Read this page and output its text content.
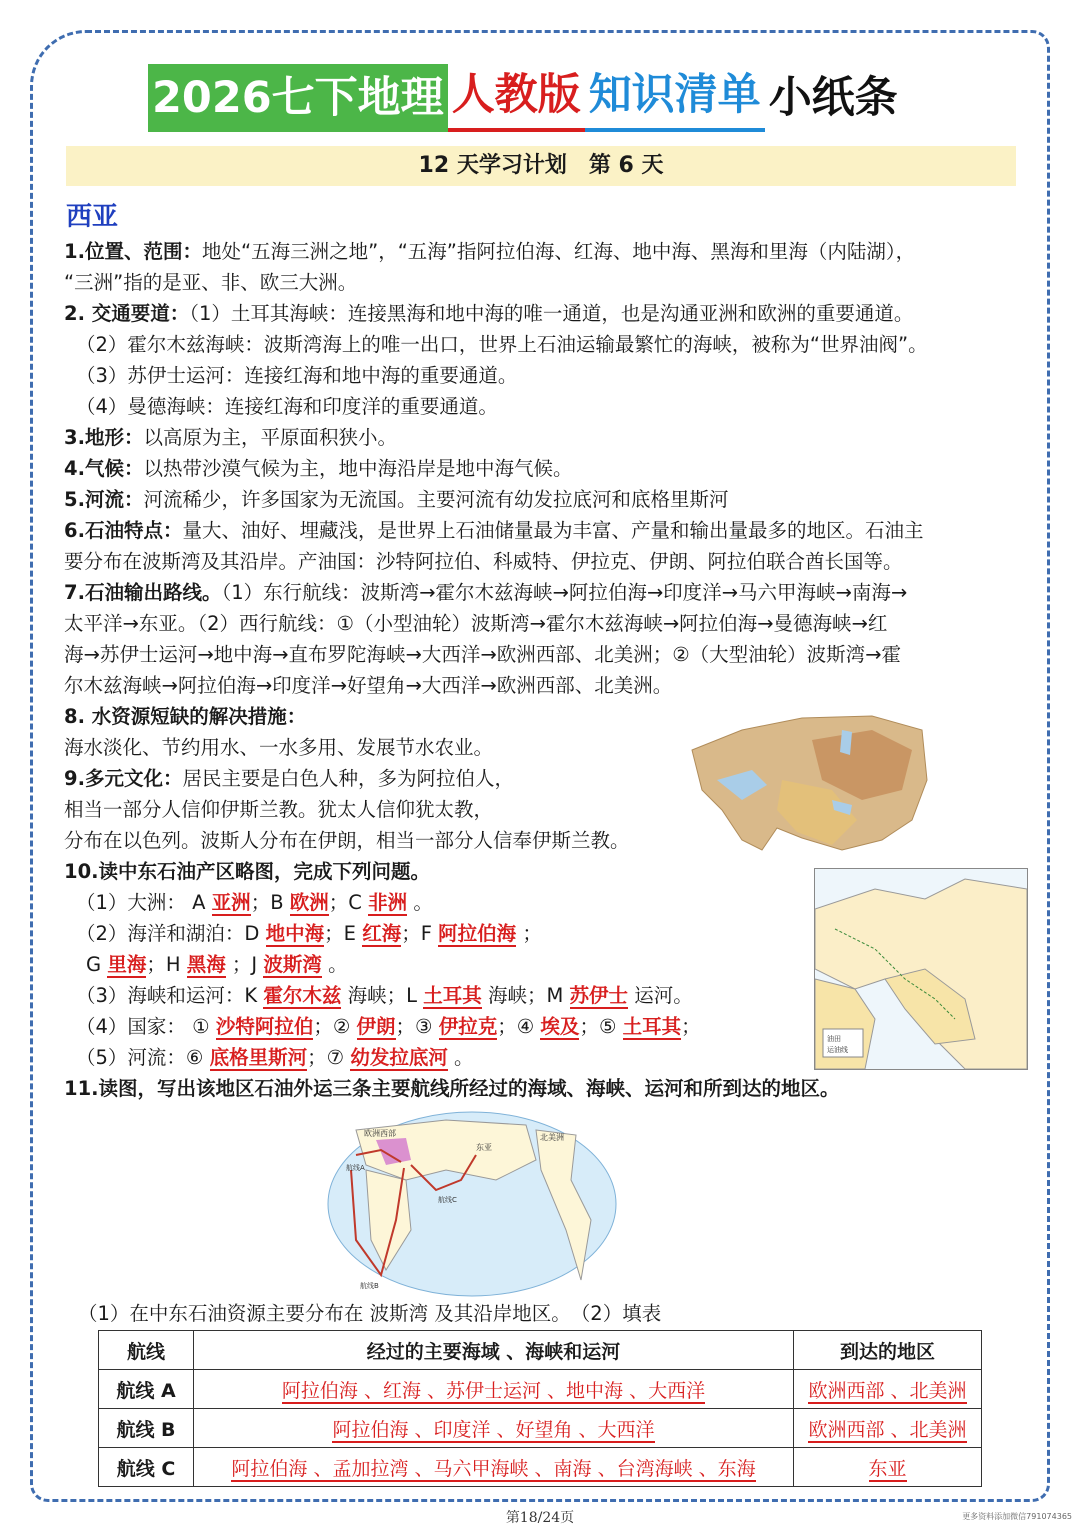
2026七下地理 人教版 知识清单 小纸条
12 天学习计划　第 6 天
西亚

1.位置、范围：地处“五海三洲之地”，“五海”指阿拉伯海、红海、地中海、黑海和里海（内陆湖），

“三洲”指的是亚、非、欧三大洲。

2. 交通要道：（1）土耳其海峡：连接黑海和地中海的唯一通道，也是沟通亚洲和欧洲的重要通道。

（2）霍尔木兹海峡：波斯湾海上的唯一出口，世界上石油运输最繁忙的海峡，被称为“世界油阀”。

（3）苏伊士运河：连接红海和地中海的重要通道。

（4）曼德海峡：连接红海和印度洋的重要通道。

3.地形：以高原为主，平原面积狭小。

4.气候：以热带沙漠气候为主，地中海沿岸是地中海气候。

5.河流：河流稀少，许多国家为无流国。主要河流有幼发拉底河和底格里斯河

6.石油特点：量大、油好、埋藏浅，是世界上石油储量最为丰富、产量和输出量最多的地区。石油主

要分布在波斯湾及其沿岸。产油国：沙特阿拉伯、科威特、伊拉克、伊朗、阿拉伯联合酋长国等。

7.石油输出路线。（1）东行航线：波斯湾→霍尔木兹海峡→阿拉伯海→印度洋→马六甲海峡→南海→

太平洋→东亚。（2）西行航线：①（小型油轮）波斯湾→霍尔木兹海峡→阿拉伯海→曼德海峡→红

海→苏伊士运河→地中海→直布罗陀海峡→大西洋→欧洲西部、北美洲；②（大型油轮）波斯湾→霍

尔木兹海峡→阿拉伯海→印度洋→好望角→大西洋→欧洲西部、北美洲。

8. 水资源短缺的解决措施：

海水淡化、节约用水、一水多用、发展节水农业。

9.多元文化：居民主要是白色人种，多为阿拉伯人，

相当一部分人信仰伊斯兰教。犹太人信仰犹太教，

分布在以色列。波斯人分布在伊朗，相当一部分人信奉伊斯兰教。

10.读中东石油产区略图，完成下列问题。

（1）大洲： A 亚洲；B 欧洲；C 非洲 。

（2）海洋和湖泊：D 地中海；E 红海；F 阿拉伯海 ；

G 里海；H 黑海 ；J 波斯湾 。

（3）海峡和运河：K 霍尔木兹 海峡；L 土耳其 海峡；M 苏伊士 运河。

（4）国家： ① 沙特阿拉伯；② 伊朗；③ 伊拉克；④ 埃及；⑤ 土耳其；

（5）河流：⑥ 底格里斯河；⑦ 幼发拉底河 。

11.读图，写出该地区石油外运三条主要航线所经过的海域、海峡、运河和所到达的地区。

油田
运油线
欧洲西部	北美洲
东亚
航线A
航线B
航线C
（1）在中东石油资源主要分布在 波斯湾 及其沿岸地区。　（2）填表
航线	经过的主要海域 、海峡和运河	到达的地区
航线 A	阿拉伯海 、红海 、苏伊士运河 、地中海 、大西洋	欧洲西部 、北美洲
航线 B	阿拉伯海 、印度洋 、好望角 、大西洋	欧洲西部 、北美洲
航线 C	阿拉伯海 、孟加拉湾 、马六甲海峡 、南海 、台湾海峡 、东海	东亚
第18/24页	更多资料添加微信791074365
